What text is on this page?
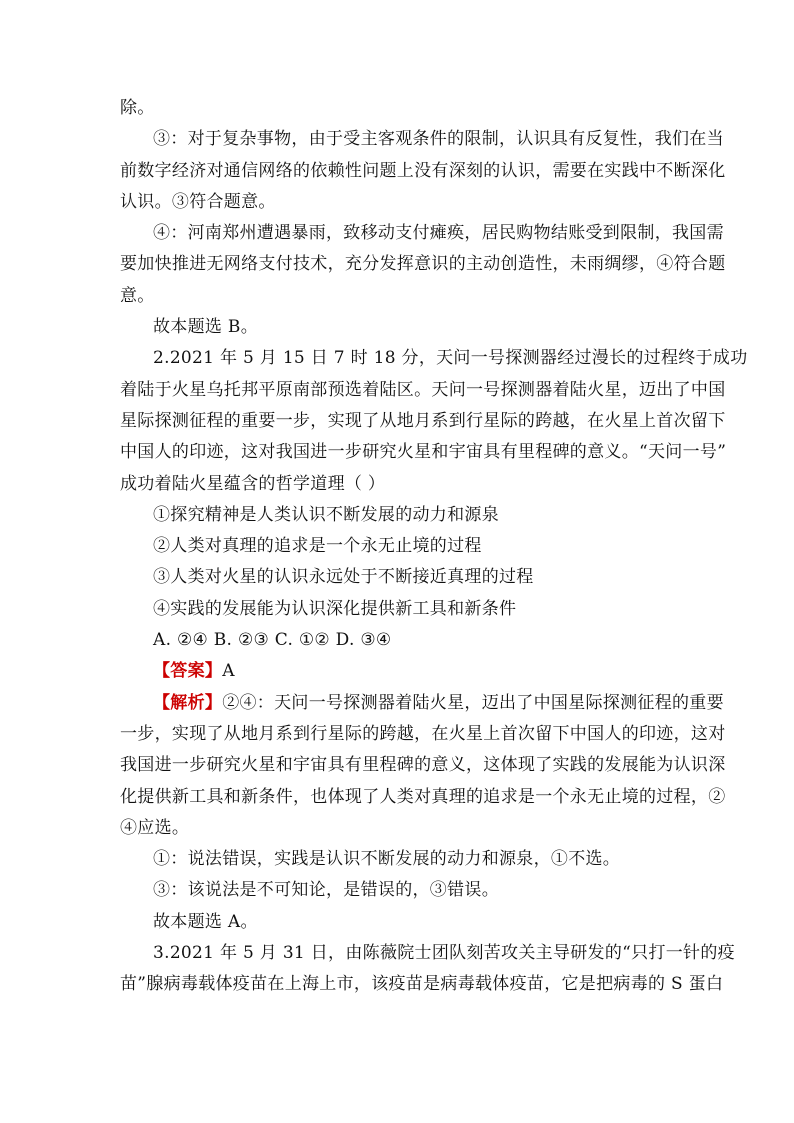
除。
③：对于复杂事物，由于受主客观条件的限制，认识具有反复性，我们在当
前数字经济对通信网络的依赖性问题上没有深刻的认识，需要在实践中不断深化
认识。③符合题意。
④：河南郑州遭遇暴雨，致移动支付瘫痪，居民购物结账受到限制，我国需
要加快推进无网络支付技术，充分发挥意识的主动创造性，未雨绸缪，④符合题
意。
故本题选 B。
2.2021 年 5 月 15 日 7 时 18 分，天问一号探测器经过漫长的过程终于成功
着陆于火星乌托邦平原南部预选着陆区。天问一号探测器着陆火星，迈出了中国
星际探测征程的重要一步，实现了从地月系到行星际的跨越，在火星上首次留下
中国人的印迹，这对我国进一步研究火星和宇宙具有里程碑的意义。“天问一号”
成功着陆火星蕴含的哲学道理（ ）
①探究精神是人类认识不断发展的动力和源泉
②人类对真理的追求是一个永无止境的过程
③人类对火星的认识永远处于不断接近真理的过程
④实践的发展能为认识深化提供新工具和新条件
A. ②④ B. ②③ C. ①② D. ③④
【答案】A
【解析】②④：天问一号探测器着陆火星，迈出了中国星际探测征程的重要
一步，实现了从地月系到行星际的跨越，在火星上首次留下中国人的印迹，这对
我国进一步研究火星和宇宙具有里程碑的意义，这体现了实践的发展能为认识深
化提供新工具和新条件，也体现了人类对真理的追求是一个永无止境的过程，②
④应选。
①：说法错误，实践是认识不断发展的动力和源泉，①不选。
③：该说法是不可知论，是错误的，③错误。
故本题选 A。
3.2021 年 5 月 31 日，由陈薇院士团队刻苦攻关主导研发的“只打一针的疫
苗”腺病毒载体疫苗在上海上市，该疫苗是病毒载体疫苗，它是把病毒的 S 蛋白
